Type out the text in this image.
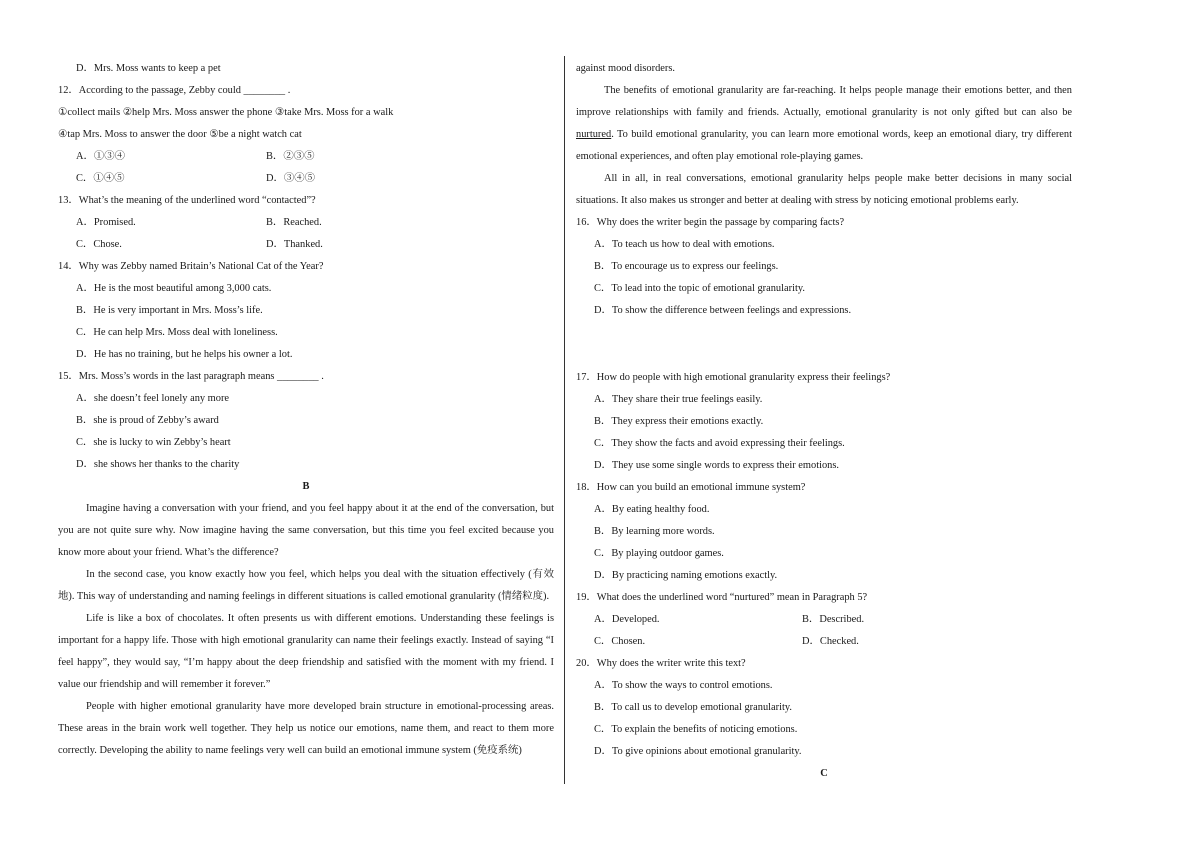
D．Mrs. Moss wants to keep a pet
12．According to the passage, Zebby could ________ .
①collect mails ②help Mrs. Moss answer the phone ③take Mrs. Moss for a walk
④tap Mrs. Moss to answer the door ⑤be a night watch cat
A．①③④	B．②③⑤
C．①④⑤	D．③④⑤
13．What’s the meaning of the underlined word “contacted”?
A．Promised.	B．Reached.
C．Chose.	D．Thanked.
14．Why was Zebby named Britain’s National Cat of the Year?
A．He is the most beautiful among 3,000 cats.
B．He is very important in Mrs. Moss’s life.
C．He can help Mrs. Moss deal with loneliness.
D．He has no training, but he helps his owner a lot.
15．Mrs. Moss’s words in the last paragraph means ________ .
A．she doesn’t feel lonely any more
B．she is proud of Zebby’s award
C．she is lucky to win Zebby’s heart
D．she shows her thanks to the charity
B

Imagine having a conversation with your friend, and you feel happy about it at the end of the conversation, but you are not quite sure why. Now imagine having the same conversation, but this time you feel excited because you know more about your friend. What’s the difference?

In the second case, you know exactly how you feel, which helps you deal with the situation effectively (有效地). This way of understanding and naming feelings in different situations is called emotional granularity (情绪粒度).

Life is like a box of chocolates. It often presents us with different emotions. Understanding these feelings is important for a happy life. Those with high emotional granularity can name their feelings exactly. Instead of saying “I feel happy”, they would say, “I’m happy about the deep friendship and satisfied with the moment with my friend. I value our friendship and will remember it forever.”

People with higher emotional granularity have more developed brain structure in emotional-processing areas. These areas in the brain work well together. They help us notice our emotions, name them, and react to them more correctly. Developing the ability to name feelings very well can build an emotional immune system (免疫系统)

against mood disorders.

The benefits of emotional granularity are far-reaching. It helps people manage their emotions better, and then improve relationships with family and friends. Actually, emotional granularity is not only gifted but can also be nurtured. To build emotional granularity, you can learn more emotional words, keep an emotional diary, try different emotional experiences, and often play emotional role-playing games.

All in all, in real conversations, emotional granularity helps people make better decisions in many social situations. It also makes us stronger and better at dealing with stress by noticing emotional problems early.

16．Why does the writer begin the passage by comparing facts?
A．To teach us how to deal with emotions.
B．To encourage us to express our feelings.
C．To lead into the topic of emotional granularity.
D．To show the difference between feelings and expressions.
17．How do people with high emotional granularity express their feelings?
A．They share their true feelings easily.
B．They express their emotions exactly.
C．They show the facts and avoid expressing their feelings.
D．They use some single words to express their emotions.
18．How can you build an emotional immune system?
A．By eating healthy food.
B．By learning more words.
C．By playing outdoor games.
D．By practicing naming emotions exactly.
19．What does the underlined word “nurtured” mean in Paragraph 5?
A．Developed.	B．Described.
C．Chosen.	D．Checked.
20．Why does the writer write this text?
A．To show the ways to control emotions.
B．To call us to develop emotional granularity.
C．To explain the benefits of noticing emotions.
D．To give opinions about emotional granularity.
C
